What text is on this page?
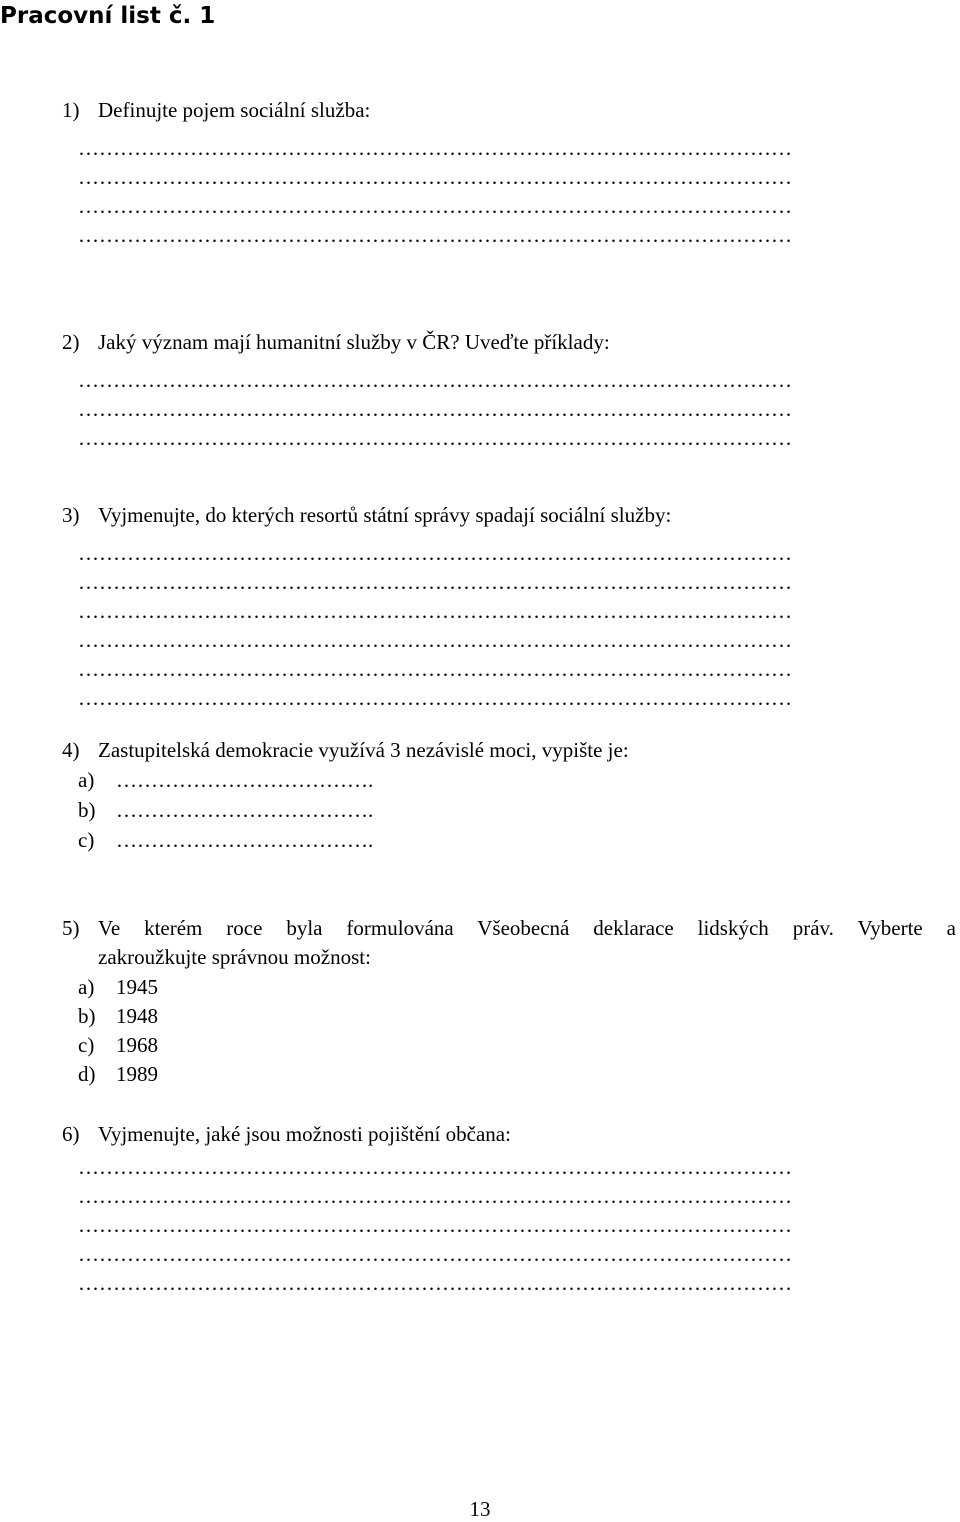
Pracovní list č. 1
1) Definujte pojem sociální služba:
…………………………………………………………………………………………
…………………………………………………………………………………………
…………………………………………………………………………………………
…………………………………………………………………………………………
2) Jaký význam mají humanitní služby v ČR? Uveďte příklady:
…………………………………………………………………………………………
…………………………………………………………………………………………
…………………………………………………………………………………………
3) Vyjmenujte, do kterých resortů státní správy spadají sociální služby:
…………………………………………………………………………………………
…………………………………………………………………………………………
…………………………………………………………………………………………
…………………………………………………………………………………………
…………………………………………………………………………………………
…………………………………………………………………………………………
4) Zastupitelská demokracie využívá 3 nezávislé moci, vypište je:
a) ……………………………….
b) ……………………………….
c) ……………………………….
5) Ve kterém roce byla formulována Všeobecná deklarace lidských práv. Vyberte a
zakroužkujte správnou možnost:
a) 1945
b) 1948
c) 1968
d) 1989
6) Vyjmenujte, jaké jsou možnosti pojištění občana:
…………………………………………………………………………………………
…………………………………………………………………………………………
…………………………………………………………………………………………
…………………………………………………………………………………………
…………………………………………………………………………………………
13
